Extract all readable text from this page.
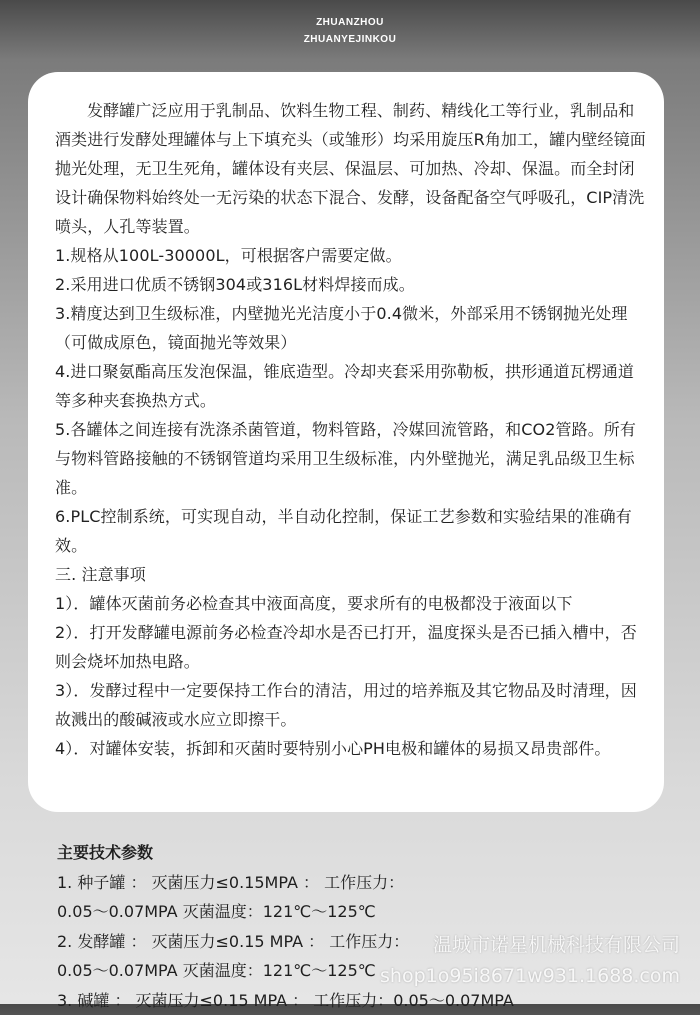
ZHUANZHOU
ZHUANYEJINKOU

发酵罐广泛应用于乳制品、饮料生物工程、制药、精线化工等行业，乳制品和酒类进行发酵处理罐体与上下填充头（或雏形）均采用旋压R角加工，罐内壁经镜面抛光处理，无卫生死角，罐体设有夹层、保温层、可加热、冷却、保温。而全封闭设计确保物料始终处一无污染的状态下混合、发酵，设备配备空气呼吸孔，CIP清洗喷头，人孔等装置。

1.规格从100L-30000L，可根据客户需要定做。

2.采用进口优质不锈钢304或316L材料焊接而成。

3.精度达到卫生级标准，内壁抛光光洁度小于0.4微米，外部采用不锈钢抛光处理（可做成原色，镜面抛光等效果）

4.进口聚氨酯高压发泡保温，锥底造型。冷却夹套采用弥勒板，拱形通道瓦楞通道等多种夹套换热方式。

5.各罐体之间连接有洗涤杀菌管道，物料管路，冷媒回流管路，和CO2管路。所有与物料管路接触的不锈钢管道均采用卫生级标准，内外壁抛光，满足乳品级卫生标准。

6.PLC控制系统，可实现自动，半自动化控制，保证工艺参数和实验结果的准确有效。

三. 注意事项

1）．罐体灭菌前务必检查其中液面高度，要求所有的电极都没于液面以下

2）．打开发酵罐电源前务必检查冷却水是否已打开，温度探头是否已插入槽中，否则会烧坏加热电路。

3）．发酵过程中一定要保持工作台的清洁，用过的培养瓶及其它物品及时清理，因故溅出的酸碱液或水应立即擦干。

4）．对罐体安装，拆卸和灭菌时要特别小心PH电极和罐体的易损又昂贵部件。

主要技术参数

1. 种子罐 ： 灭菌压力≤0.15MPA ： 工作压力：

0.05～0.07MPA 灭菌温度：121℃～125℃

2. 发酵罐 ： 灭菌压力≤0.15 MPA ： 工作压力：

0.05～0.07MPA 灭菌温度：121℃～125℃

3. 碱罐 ： 灭菌压力≤0.15 MPA ： 工作压力：0.05～0.07MPA

温城市诺星机械科技有限公司
shop1o95i8671w931.1688.com
